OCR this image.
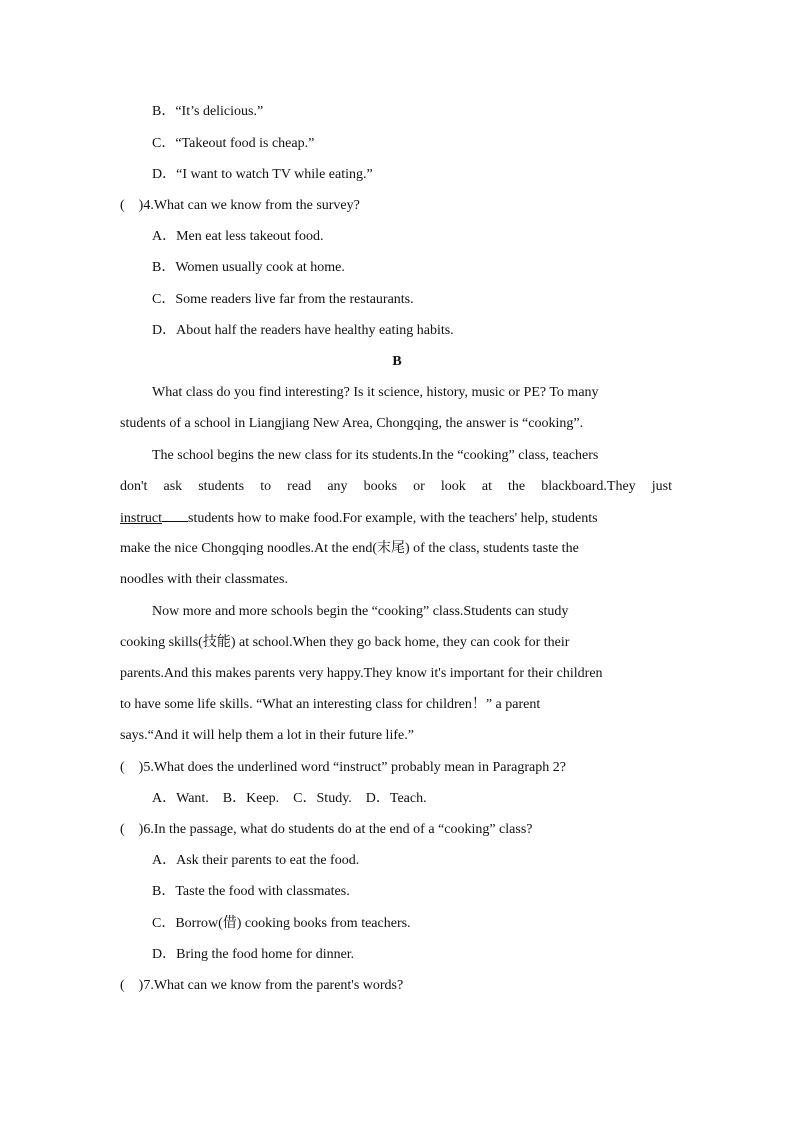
B．“It’s delicious.”
C．“Takeout food is cheap.”
D．“I want to watch TV while eating.”
(　)4.What can we know from the survey?
A．Men eat less takeout food.
B．Women usually cook at home.
C．Some readers live far from the restaurants.
D．About half the readers have healthy eating habits.
B
What class do you find interesting? Is it science, history, music or PE? To many
students of a school in Liangjiang New Area, Chongqing, the answer is “cooking”.
The school begins the new class for its students.In the “cooking” class, teachers
don't ask students to read any books or look at the blackboard.They just
instruct students how to make food.For example, with the teachers' help, students
make the nice Chongqing noodles.At the end(末尾) of the class, students taste the
noodles with their classmates.
Now more and more schools begin the “cooking” class.Students can study
cooking skills(技能) at school.When they go back home, they can cook for their
parents.And this makes parents very happy.They know it's important for their children
to have some life skills. “What an interesting class for children！” a parent
says.“And it will help them a lot in their future life.”
(　)5.What does the underlined word “instruct” probably mean in Paragraph 2?
A．Want.　B．Keep.　C．Study.　D．Teach.
(　)6.In the passage, what do students do at the end of a “cooking” class?
A．Ask their parents to eat the food.
B．Taste the food with classmates.
C．Borrow(借) cooking books from teachers.
D．Bring the food home for dinner.
(　)7.What can we know from the parent's words?
